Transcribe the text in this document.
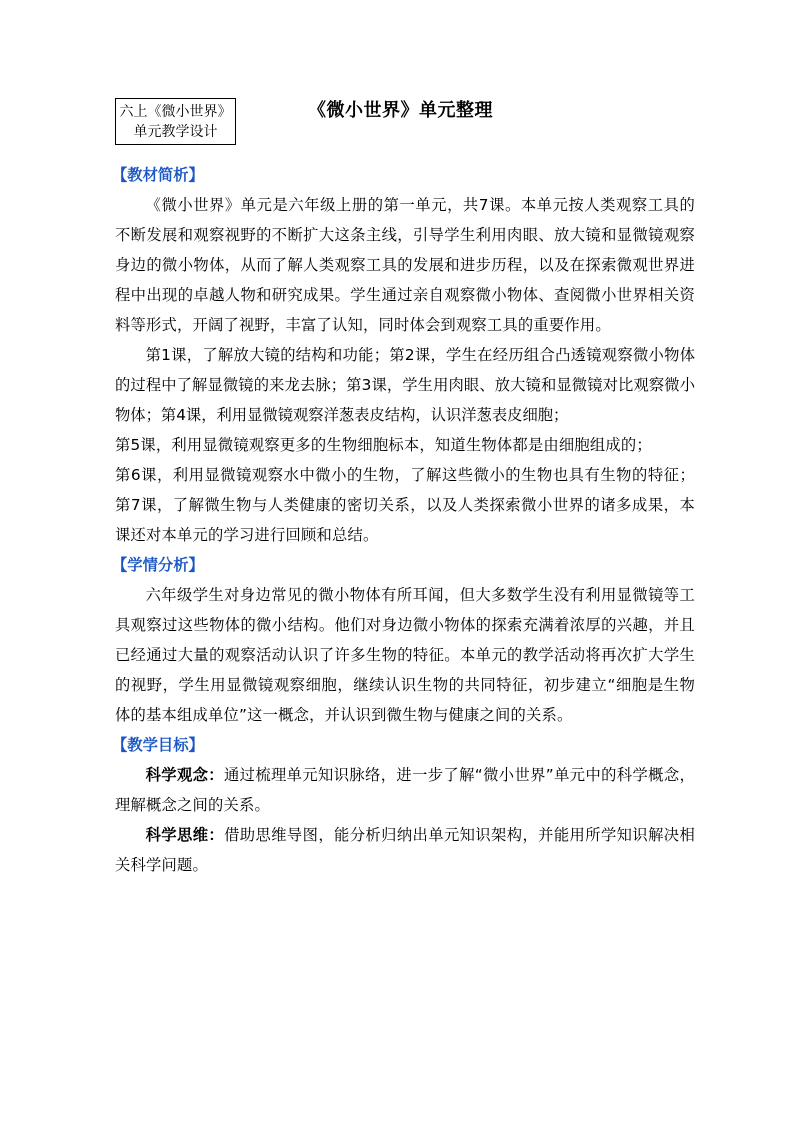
六上《微小世界》
单元教学设计
《微小世界》单元整理
【教材简析】

《微小世界》单元是六年级上册的第一单元，共7课。本单元按人类观察工具的不断发展和观察视野的不断扩大这条主线，引导学生利用肉眼、放大镜和显微镜观察身边的微小物体，从而了解人类观察工具的发展和进步历程，以及在探索微观世界进程中出现的卓越人物和研究成果。学生通过亲自观察微小物体、查阅微小世界相关资料等形式，开阔了视野，丰富了认知，同时体会到观察工具的重要作用。

第1课，了解放大镜的结构和功能；第2课，学生在经历组合凸透镜观察微小物体的过程中了解显微镜的来龙去脉；第3课，学生用肉眼、放大镜和显微镜对比观察微小物体；第4课，利用显微镜观察洋葱表皮结构，认识洋葱表皮细胞；

第5课，利用显微镜观察更多的生物细胞标本，知道生物体都是由细胞组成的；

第6课，利用显微镜观察水中微小的生物，了解这些微小的生物也具有生物的特征；第7课，了解微生物与人类健康的密切关系，以及人类探索微小世界的诸多成果，本课还对本单元的学习进行回顾和总结。

【学情分析】

六年级学生对身边常见的微小物体有所耳闻，但大多数学生没有利用显微镜等工具观察过这些物体的微小结构。他们对身边微小物体的探索充满着浓厚的兴趣，并且已经通过大量的观察活动认识了许多生物的特征。本单元的教学活动将再次扩大学生的视野，学生用显微镜观察细胞，继续认识生物的共同特征，初步建立“细胞是生物体的基本组成单位”这一概念，并认识到微生物与健康之间的关系。

【教学目标】

科学观念：通过梳理单元知识脉络，进一步了解“微小世界”单元中的科学概念，理解概念之间的关系。

科学思维：借助思维导图，能分析归纳出单元知识架构，并能用所学知识解决相关科学问题。
